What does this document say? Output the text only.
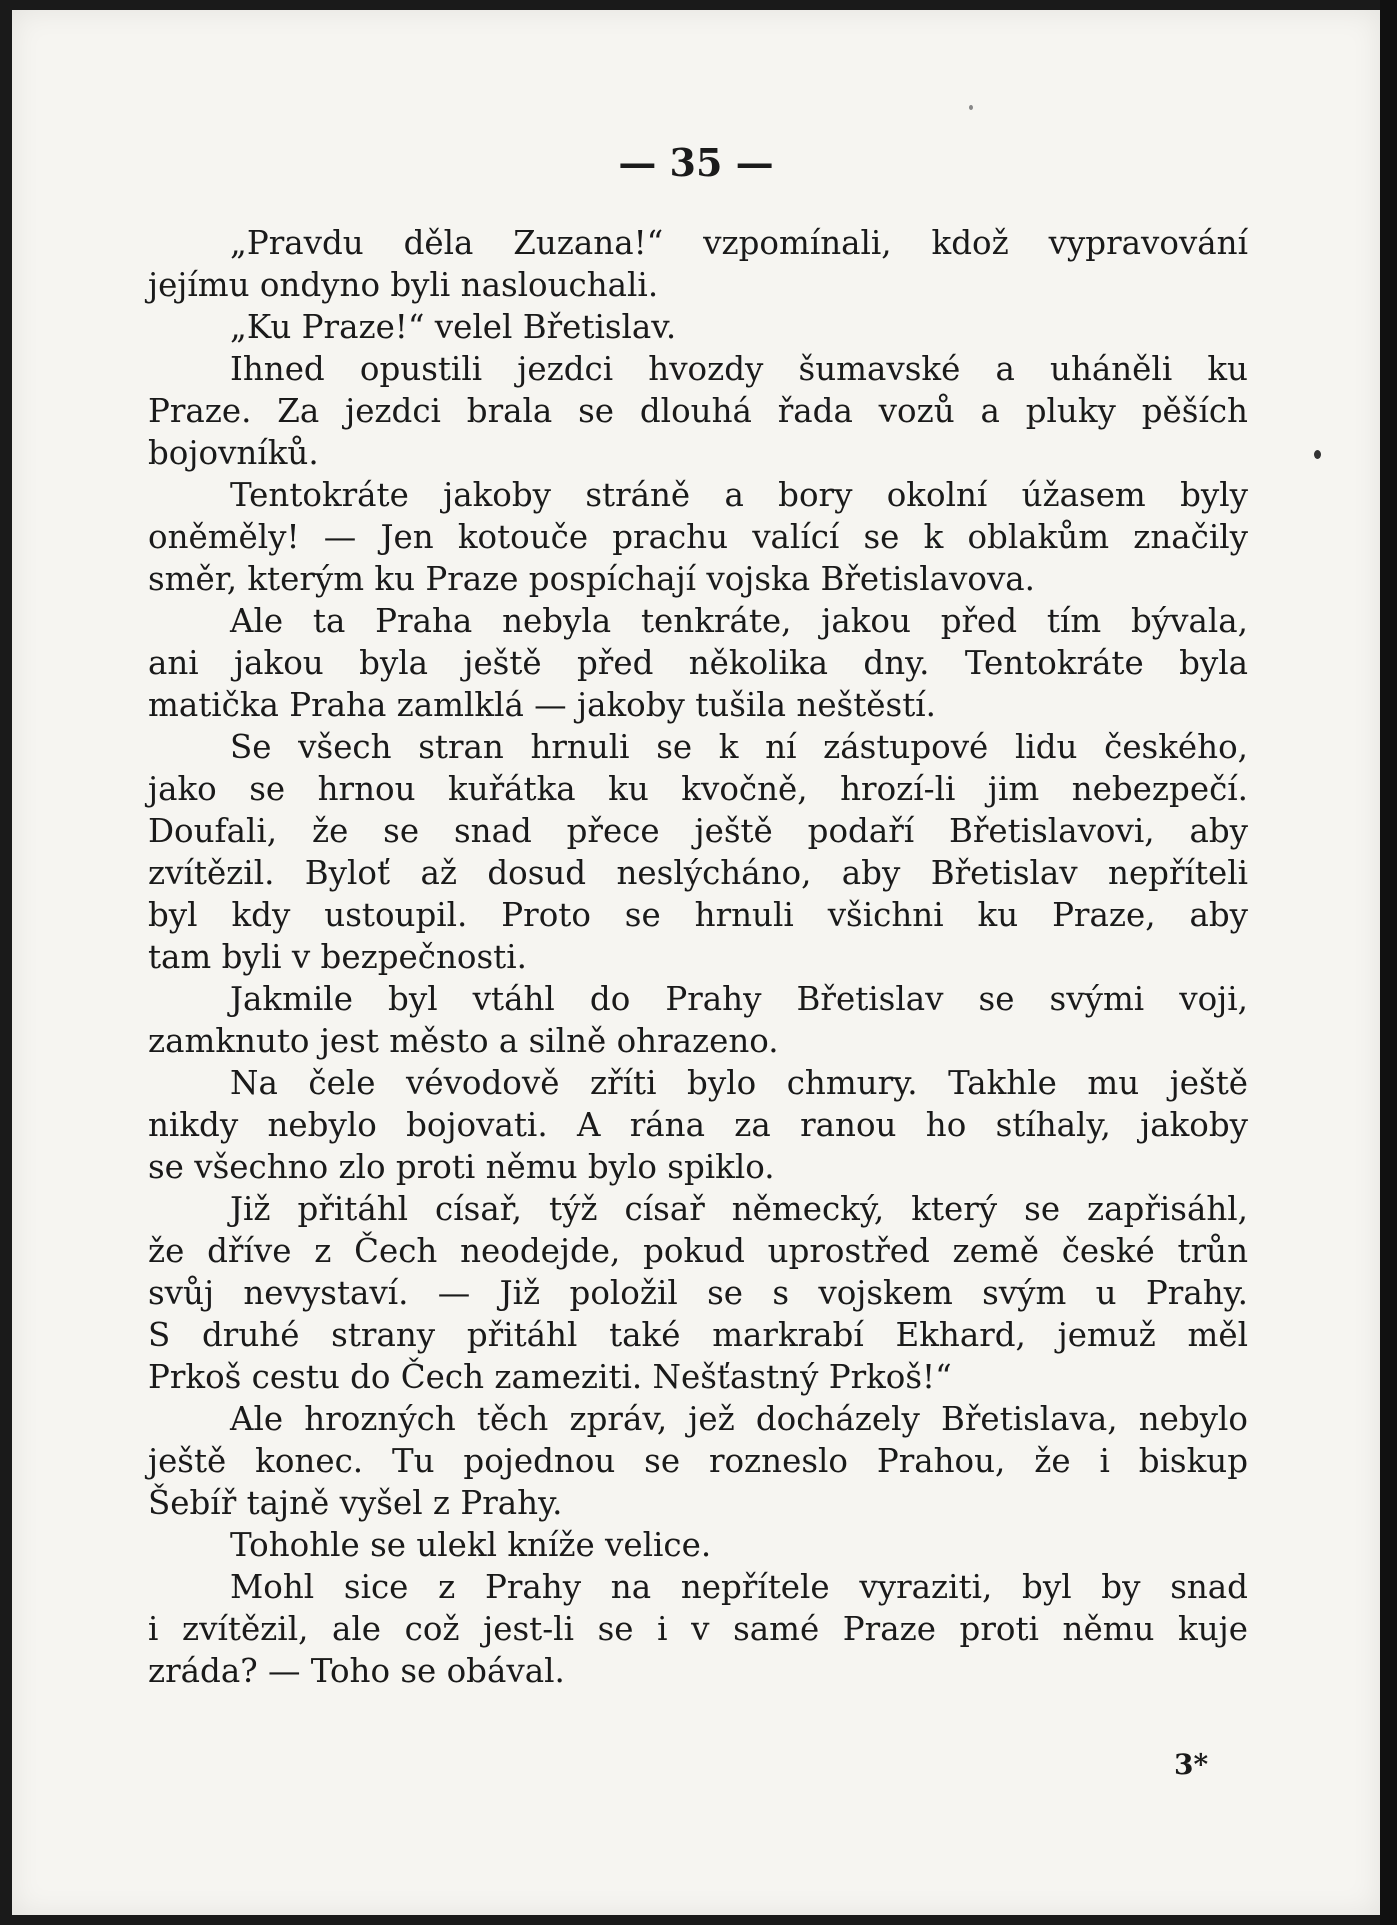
— 35 —
„Pravdu děla Zuzana!“ vzpomínali, kdož vypravování
jejímu ondyno byli naslouchali.
„Ku Praze!“ velel Břetislav.
Ihned opustili jezdci hvozdy šumavské a uháněli ku
Praze. Za jezdci brala se dlouhá řada vozů a pluky pěších
bojovníků.
Tentokráte jakoby stráně a bory okolní úžasem byly
oněměly! — Jen kotouče prachu valící se k oblakům značily
směr, kterým ku Praze pospíchají vojska Břetislavova.
Ale ta Praha nebyla tenkráte, jakou před tím bývala,
ani jakou byla ještě před několika dny. Tentokráte byla
matička Praha zamlklá — jakoby tušila neštěstí.
Se všech stran hrnuli se k ní zástupové lidu českého,
jako se hrnou kuřátka ku kvočně, hrozí-li jim nebezpečí.
Doufali, že se snad přece ještě podaří Břetislavovi, aby
zvítězil. Byloť až dosud neslýcháno, aby Břetislav nepříteli
byl kdy ustoupil. Proto se hrnuli všichni ku Praze, aby
tam byli v bezpečnosti.
Jakmile byl vtáhl do Prahy Břetislav se svými voji,
zamknuto jest město a silně ohrazeno.
Na čele vévodově zříti bylo chmury. Takhle mu ještě
nikdy nebylo bojovati. A rána za ranou ho stíhaly, jakoby
se všechno zlo proti němu bylo spiklo.
Již přitáhl císař, týž císař německý, který se zapřisáhl,
že dříve z Čech neodejde, pokud uprostřed země české trůn
svůj nevystaví. — Již položil se s vojskem svým u Prahy.
S druhé strany přitáhl také markrabí Ekhard, jemuž měl
Prkoš cestu do Čech zameziti. Nešťastný Prkoš!“
Ale hrozných těch zpráv, jež docházely Břetislava, nebylo
ještě konec. Tu pojednou se rozneslo Prahou, že i biskup
Šebíř tajně vyšel z Prahy.
Tohohle se ulekl kníže velice.
Mohl sice z Prahy na nepřítele vyraziti, byl by snad
i zvítězil, ale což jest-li se i v samé Praze proti němu kuje
zráda? — Toho se obával.
3*
